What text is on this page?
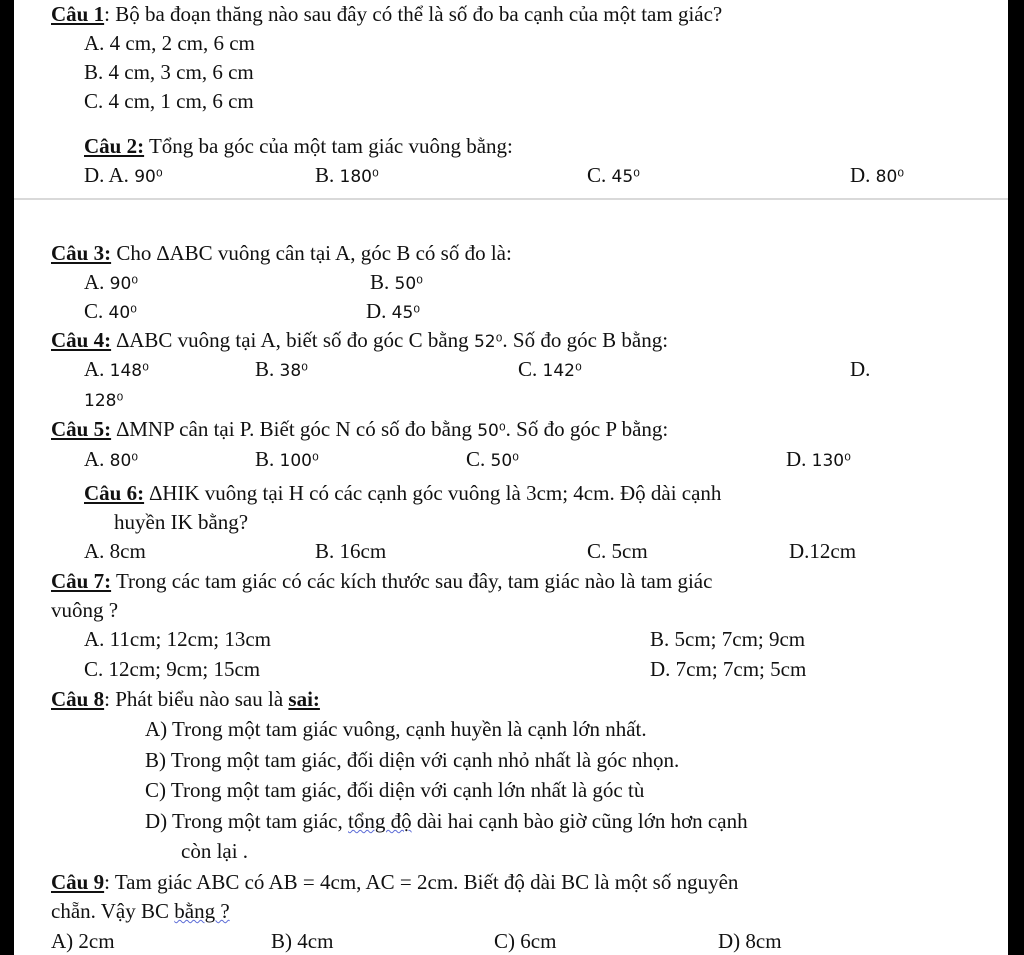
Câu 1: Bộ ba đoạn thăng nào sau đây có thể là số đo ba cạnh của một tam giác?
A. 4 cm, 2 cm, 6 cm
B. 4 cm, 3 cm, 6 cm
C. 4 cm, 1 cm, 6 cm
Câu 2: Tổng ba góc của một tam giác vuông bằng:
D. A. 90⁰	B. 180⁰	C. 45⁰	D. 80⁰
Câu 3: Cho ∆ABC vuông cân tại A, góc B có số đo là:
A. 90⁰	B. 50⁰
C. 40⁰	D. 45⁰
Câu 4: ∆ABC vuông tại A, biết số đo góc C bằng 52⁰. Số đo góc B bằng:
A. 148⁰	B. 38⁰	C. 142⁰	D.
128⁰
Câu 5: ∆MNP cân tại P. Biết góc N có số đo bằng 50⁰. Số đo góc P bằng:
A. 80⁰	B. 100⁰	C. 50⁰	D. 130⁰
Câu 6: ∆HIK vuông tại H có các cạnh góc vuông là 3cm; 4cm. Độ dài cạnh
huyền IK bằng?
A. 8cm	B. 16cm	C. 5cm	D.12cm
Câu 7: Trong các tam giác có các kích thước sau đây, tam giác nào là tam giác
vuông ?
A. 11cm; 12cm; 13cm	B. 5cm; 7cm; 9cm
C. 12cm; 9cm; 15cm	D. 7cm; 7cm; 5cm
Câu 8: Phát biểu nào sau là sai:
A) Trong một tam giác vuông, cạnh huyền là cạnh lớn nhất.
B) Trong một tam giác, đối diện với cạnh nhỏ nhất là góc nhọn.
C) Trong một tam giác, đối diện với cạnh lớn nhất là góc tù
D) Trong một tam giác, tổng độ dài hai cạnh bào giờ cũng lớn hơn cạnh
còn lại .
Câu 9: Tam giác ABC có AB = 4cm, AC = 2cm. Biết độ dài BC là một số nguyên
chẵn. Vậy BC bằng ?
A) 2cm	B) 4cm	C) 6cm	D) 8cm
